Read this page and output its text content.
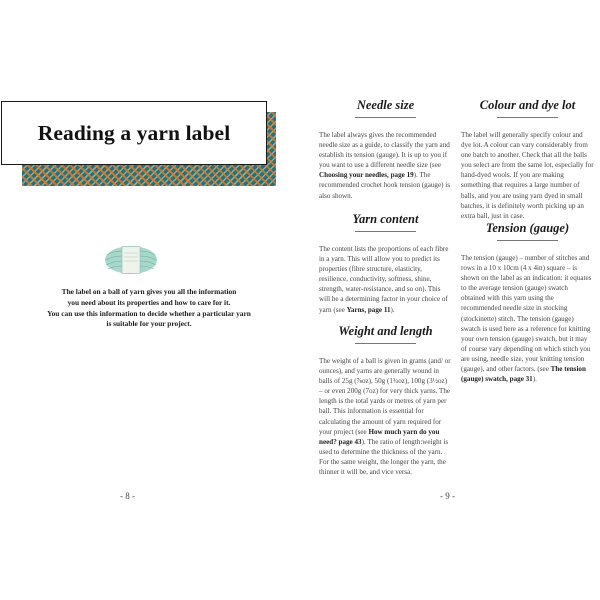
Reading a yarn label
The label on a ball of yarn gives you all the information
you need about its properties and how to care for it.
You can use this information to decide whether a particular yarn
is suitable for your project.
- 8 -
Needle size

The label always gives the recommended needle size as a guide, to classify the yarn and establish its tension (gauge). It is up to you if you want to use a different needle size (see Choosing your needles, page 19). The recommended crochet hook tension (gauge) is also shown.

Yarn content

The content lists the proportions of each fibre in a yarn. This will allow you to predict its properties (fibre structure, elasticity, resilience, conductivity, softness, shine, strength, water-resistance, and so on). This will be a determining factor in your choice of yarn (see Yarns, page 11).

Weight and length

The weight of a ball is given in grams (and/ or ounces), and yarns are generally wound in balls of 25g (⅞oz), 50g (1¾oz), 100g (3½oz) – or even 200g (7oz) for very thick yarns. The length is the total yards or metres of yarn per ball. This information is essential for calculating the amount of yarn required for your project (see How much yarn do you need? page 43). The ratio of length:weight is used to determine the thickness of the yarn. For the same weight, the longer the yarn, the thinner it will be, and vice versa.

Colour and dye lot

The label will generally specify colour and dye lot. A colour can vary considerably from one batch to another. Check that all the balls you select are from the same lot, especially for hand-dyed wools. If you are making something that requires a large number of balls, and you are using yarn dyed in small batches, it is definitely worth picking up an extra ball, just in case.

Tension (gauge)

The tension (gauge) – number of stitches and rows in a 10 x 10cm (4 x 4in) square – is shown on the label as an indication: it equates to the average tension (gauge) swatch obtained with this yarn using the recommended needle size in stocking (stockinette) stitch. The tension (gauge) swatch is used here as a reference for knitting your own tension (gauge) swatch, but it may of course vary depending on which stitch you are using, needle size, your knitting tension (gauge), and other factors. (see The tension (gauge) swatch, page 31).

- 9 -
